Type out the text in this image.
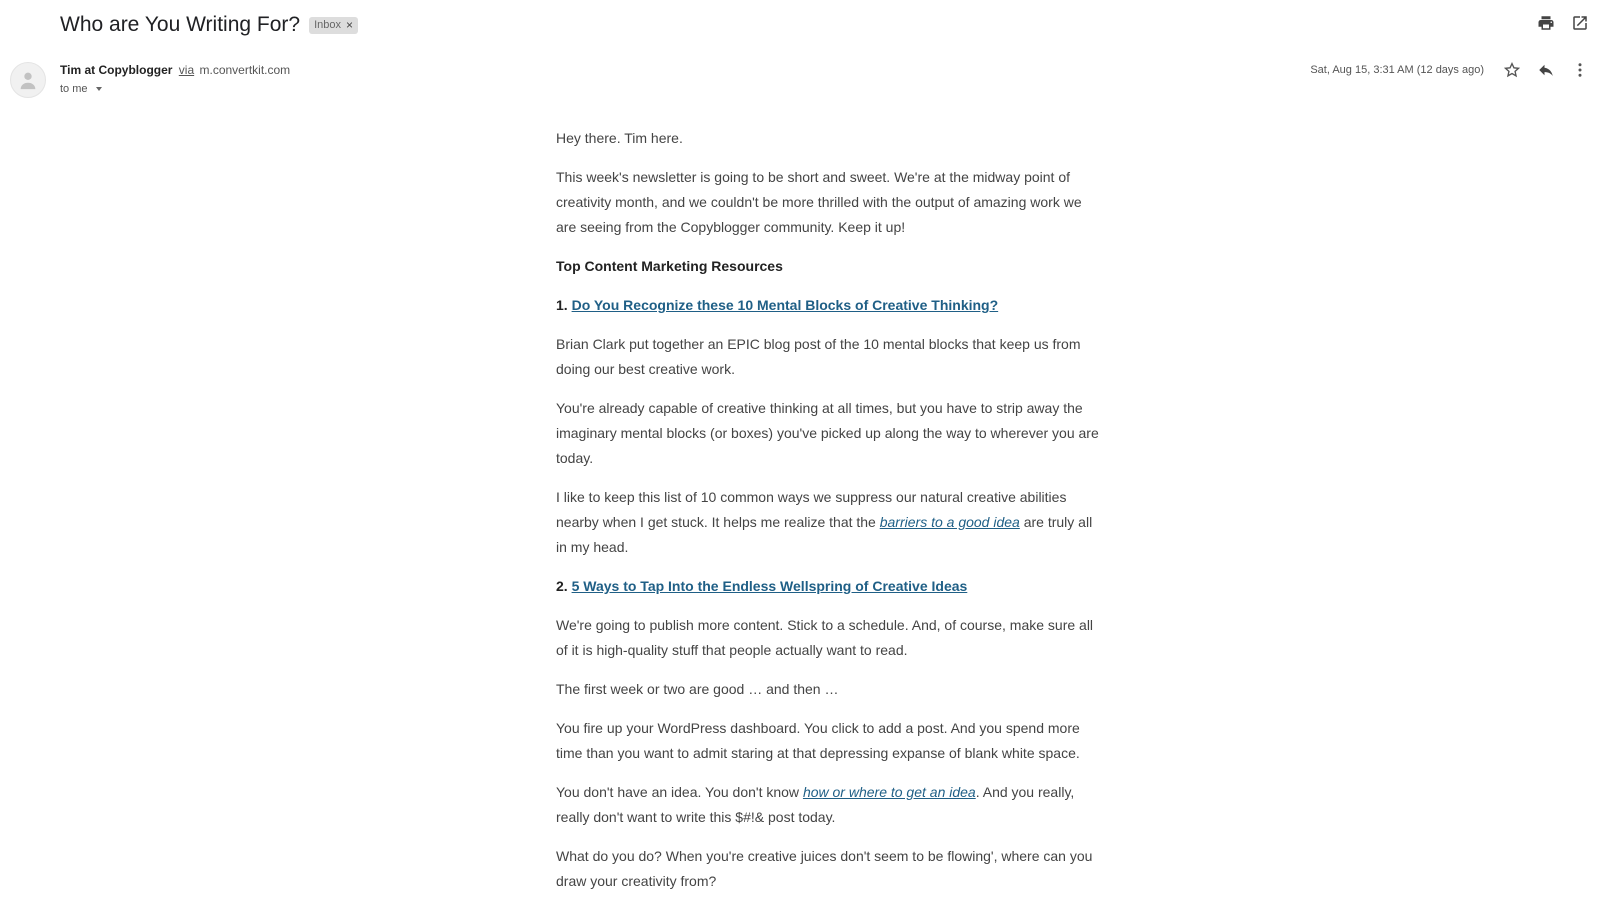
Who are You Writing For? Inbox ×
Tim at Copyblogger via m.convertkit.com
to me
Sat, Aug 15, 3:31 AM (12 days ago)

Hey there. Tim here.

This week's newsletter is going to be short and sweet. We're at the midway point of creativity month, and we couldn't be more thrilled with the output of amazing work we are seeing from the Copyblogger community. Keep it up!

Top Content Marketing Resources

1. Do You Recognize these 10 Mental Blocks of Creative Thinking?

Brian Clark put together an EPIC blog post of the 10 mental blocks that keep us from doing our best creative work.

You're already capable of creative thinking at all times, but you have to strip away the imaginary mental blocks (or boxes) you've picked up along the way to wherever you are today.

I like to keep this list of 10 common ways we suppress our natural creative abilities nearby when I get stuck. It helps me realize that the barriers to a good idea are truly all in my head.

2. 5 Ways to Tap Into the Endless Wellspring of Creative Ideas

We're going to publish more content. Stick to a schedule. And, of course, make sure all of it is high-quality stuff that people actually want to read.

The first week or two are good … and then …

You fire up your WordPress dashboard. You click to add a post. And you spend more time than you want to admit staring at that depressing expanse of blank white space.

You don't have an idea. You don't know how or where to get an idea. And you really, really don't want to write this $#!& post today.

What do you do? When you're creative juices don't seem to be flowing', where can you draw your creativity from?
